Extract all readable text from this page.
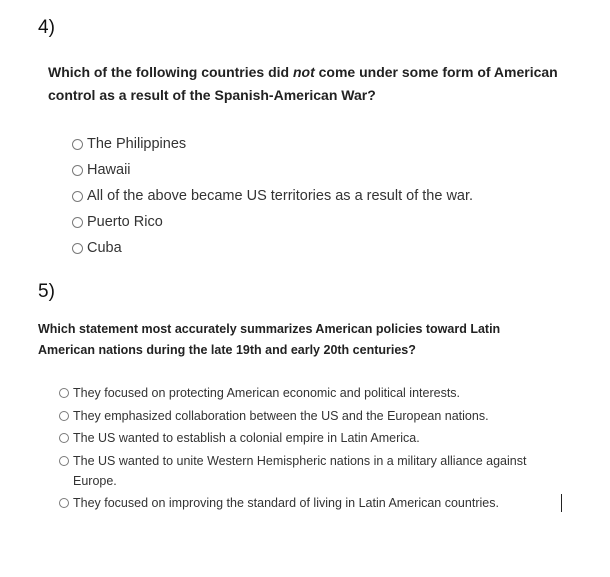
4)

Which of the following countries did not come under some form of American control as a result of the Spanish-American War?

The Philippines
Hawaii
All of the above became US territories as a result of the war.
Puerto Rico
Cuba

5)

Which statement most accurately summarizes American policies toward Latin American nations during the late 19th and early 20th centuries?

They focused on protecting American economic and political interests.
They emphasized collaboration between the US and the European nations.
The US wanted to establish a colonial empire in Latin America.
The US wanted to unite Western Hemispheric nations in a military alliance against Europe.
They focused on improving the standard of living in Latin American countries.
